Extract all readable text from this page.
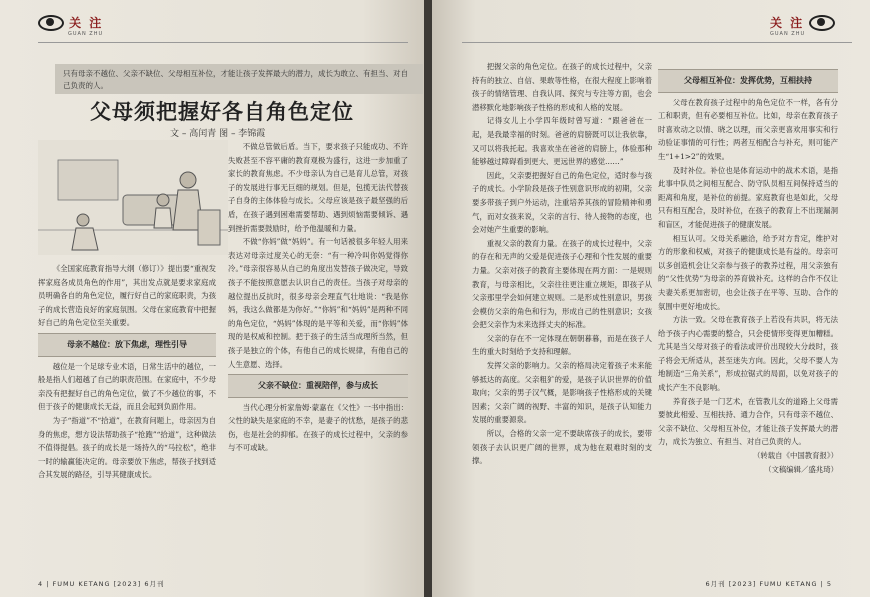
关 注
GUAN ZHU
只有母亲不越位、父亲不缺位、父母相互补位，才能让孩子发挥最大的潜力，成长为敢立、有担当、对自己负责的人。
父母须把握好各自角色定位
文 – 高闰青 图 – 李锦霞

《全国家庭教育指导大纲（修订）》提出要“重视发挥家庭各成员角色的作用”，其出发点就是要求家庭成员明确各自的角色定位，履行好自己的家庭职责，为孩子的成长营造良好的家庭氛围。父母在家庭教育中把握好自己的角色定位至关重要。

母亲不越位：放下焦虑，理性引导

越位是一个足球专业术语，日常生活中的越位，一般是指人们超越了自己的职责范围。在家庭中，不少母亲没有把握好自己的角色定位，做了不少越位的事，不但于孩子的健康成长无益，而且会起到负面作用。

为子“指道”不“拾道”，在教育问题上，母亲因为自身的焦虑，想方设法帮助孩子“抢跑”“拾道”，这种做法不值得提倡。孩子的成长是一场持久的“马拉松”，绝非一时的输赢能决定的。母亲要放下焦虑，帮孩子找到适合其发展的路径，引导其健康成长。

不做总管做后盾。当下，要求孩子只能成功、不许失败甚至不容平庸的教育观极为盛行，这进一步加重了家长的教育焦虑。不少母亲认为自己是育儿总管，对孩子的发展进行事无巨细的规划。但是，包揽无法代替孩子自身的主体体验与成长。父母应该是孩子最坚强的后盾，在孩子遇到困难需要帮助、遇到烦恼需要倾诉、遇到挫折需要鼓励时，给予他温暖和力量。

不做“你妈”做“妈妈”。有一句话被很多年轻人用来表达对母亲过度关心的无奈：“有一种冷叫你妈觉得你冷。”母亲很容易从自己的角度出发替孩子做决定，导致孩子不能按照意愿去认识自己的责任。当孩子对母亲的越位提出反抗时，很多母亲会理直气壮地说：“我是你妈，我这么做都是为你好。”“你妈”和“妈妈”是两种不同的角色定位，“妈妈”体现的是平等和关爱，而“你妈”体现的是权威和控制。把于孩子的生活当成理所当然，但孩子是独立的个体，有他自己的成长规律，有他自己的人生意愿、选择。

父亲不缺位：重视陪伴，参与成长

当代心理分析家詹姆·蒙嘉在《父性》一书中指出：父性的缺失是家庭的不幸，是妻子的忧愁，是孩子的悲伤，也是社会的抑郁。在孩子的成长过程中，父亲的参与不可或缺。

4 | FUMU KETANG [2023] 6月刊
关 注
GUAN ZHU

把握父亲的角色定位。在孩子的成长过程中，父亲持有的独立、自信、果敢等性格，在很大程度上影响着孩子的情绪管理、自我认同、探究与专注等方面，也会潜移默化地影响孩子性格的形成和人格的发展。

记得女儿上小学四年级时曾写道：“跟爸爸在一起，是我最幸福的时刻。爸爸的肩膀既可以让我依靠，又可以将我托起。我喜欢坐在爸爸的肩膀上，体验那种能够越过障碍看到更大、更远世界的感觉……”

因此，父亲要把握好自己的角色定位，适时参与孩子的成长。小学阶段是孩子性别意识形成的初期，父亲要多带孩子到户外运动，注重培养其孩的冒险精神和勇气，而对女孩来说，父亲的言行、待人接物的态度，也会对她产生重要的影响。

重视父亲的教育力量。在孩子的成长过程中，父亲的存在和无声的父爱是促进孩子心理和个性发展的重要力量。父亲对孩子的教育主要体现在两方面：一是规则教育，与母亲相比，父亲往往更注重立规矩，即孩子从父亲那里学会如何建立规则。二是形成性别意识，男孩会模仿父亲的角色和行为，形成自己的性别意识；女孩会把父亲作为未来选择丈夫的标准。

父亲的存在不一定体现在朝朝暮暮，而是在孩子人生的重大时刻给予支持和理解。

发挥父亲的影响力。父亲的格局决定着孩子未来能够抵达的高度。父亲粗犷的爱，是孩子认识世界的价值取向；父亲的男子汉气概，是影响孩子性格形成的关键因素；父亲广阔的视野、丰富的知识，是孩子认知能力发展的重要源泉。

所以，合格的父亲一定不要缺席孩子的成长，要带领孩子去认识更广阔的世界，成为他在艰难时刻的支撑。

父母相互补位：发挥优势，互相扶持

父母在教育孩子过程中的角色定位不一样，各有分工和职责，但有必要相互补位。比如，母亲在教育孩子时喜欢动之以情、晓之以理，而父亲更喜欢用事实和行动验证事情的可行性；两者互相配合与补充，则可能产生“1+1>2”的效果。

及时补位。补位也是体育运动中的战术术语，是指此事中队员之间相互配合、防守队员相互间保持适当的距离和角度，是补位的前提。家庭教育也是如此，父母只有相互配合，及时补位，在孩子的教育上不出现漏洞和盲区，才能促进孩子的健康发展。

相互认可。父母关系融洽，给予对方肯定，维护对方的形象和权威，对孩子的健康成长是有益的。母亲可以多创造机会让父亲参与孩子的教养过程，用父亲独有的“父性优势”为母亲的养育做补充。这样的合作不仅让夫妻关系更加密切，也会让孩子在平等、互助、合作的氛围中更好地成长。

方法一致。父母在教育孩子上若没有共识，将无法给予孩子内心需要的整合，只会使情形变得更加糟糕。尤其是当父母对孩子的看法或评价出现较大分歧时，孩子将会无所适从，甚至迷失方向。因此，父母不要人为地制造“三角关系”，形成拉锯式的局面，以免对孩子的成长产生不良影响。

养育孩子是一门艺术，在管教儿女的道路上父母需要彼此相爱、互相扶持、通力合作，只有母亲不越位、父亲不缺位、父母相互补位，才能让孩子发挥最大的潜力，成长为独立、有担当、对自己负责的人。

（转载自《中国教育报》）

（文稿编辑／盛兆琦）

6月刊 [2023] FUMU KETANG | 5
